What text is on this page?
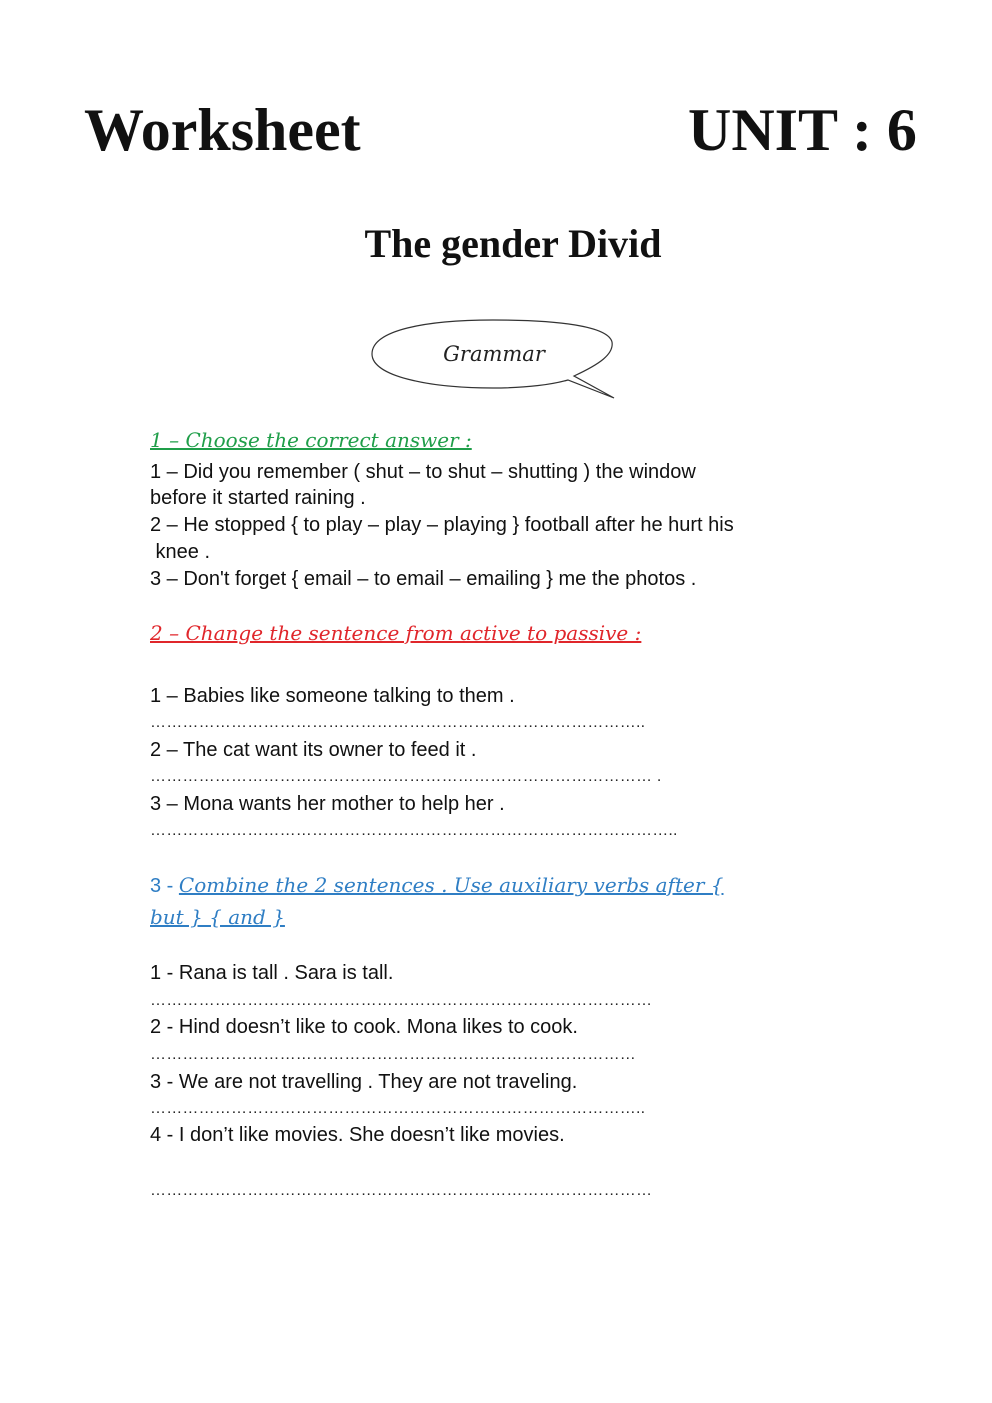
Worksheet	UNIT : 6
The gender Divid
Grammar
1 – Choose the correct answer :
1 – Did you remember ( shut – to shut – shutting ) the window
before it started raining .
2 – He stopped { to play – play – playing } football after he hurt his
knee .
3 – Don't forget { email – to email – emailing } me the photos .
2 – Change the sentence from active to passive :
1 – Babies like someone talking to them .
………………………………………………………………………………..
2 – The cat want its owner to feed it .
………………………………………………………………………………… .
3 – Mona wants her mother to help her .
……………………………………………………………………………………..
3 - Combine the 2 sentences . Use auxiliary verbs after {
but } { and }
1 - Rana is tall . Sara is tall.
…………………………………………………………………………………
2 - Hind doesn’t like to cook. Mona likes to cook.
………………………………………………………………………………
3 - We are not travelling . They are not traveling.
………………………………………………………………………………..
4 - I don’t like movies. She doesn’t like movies.
…………………………………………………………………………………
